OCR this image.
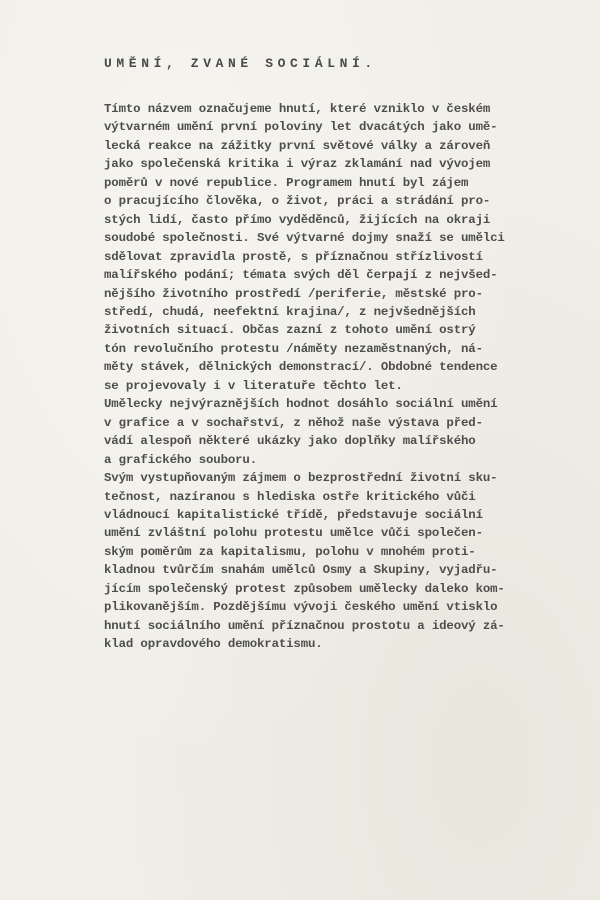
UMĚNÍ, ZVANÉ SOCIÁLNÍ.
Tímto názvem označujeme hnutí, které vzniklo v českém
výtvarném umění první poloviny let dvacátých jako umě-
lecká reakce na zážitky první světové války a zároveň
jako společenská kritika i výraz zklamání nad vývojem
poměrů v nové republice. Programem hnutí byl zájem
o pracujícího člověka, o život, práci a strádání pro-
stých lidí, často přímo vyděděnců, žijících na okraji
soudobé společnosti. Své výtvarné dojmy snaží se umělci
sdělovat zpravidla prostě, s příznačnou střízlivostí
malířského podání; témata svých děl čerpají z nejvšed-
nějšího životního prostředí /periferie, městské pro-
středí, chudá, neefektní krajina/, z nejvšednějších
životních situací. Občas zazní z tohoto umění ostrý
tón revolučního protestu /náměty nezaměstnaných, ná-
měty stávek, dělnických demonstrací/. Obdobné tendence
se projevovaly i v literatuře těchto let.
Umělecky nejvýraznějších hodnot dosáhlo sociální umění
v grafice a v sochařství, z něhož naše výstava před-
vádí alespoň některé ukázky jako doplňky malířského
a grafického souboru.
Svým vystupňovaným zájmem o bezprostřední životní sku-
tečnost, nazíranou s hlediska ostře kritického vůči
vládnoucí kapitalistické třídě, představuje sociální
umění zvláštní polohu protestu umělce vůči společen-
ským poměrům za kapitalismu, polohu v mnohém proti-
kladnou tvůrčím snahám umělců Osmy a Skupiny, vyjadřu-
jícím společenský protest způsobem umělecky daleko kom-
plikovanějším. Pozdějšímu vývoji českého umění vtisklo
hnutí sociálního umění příznačnou prostotu a ideový zá-
klad opravdového demokratismu.
